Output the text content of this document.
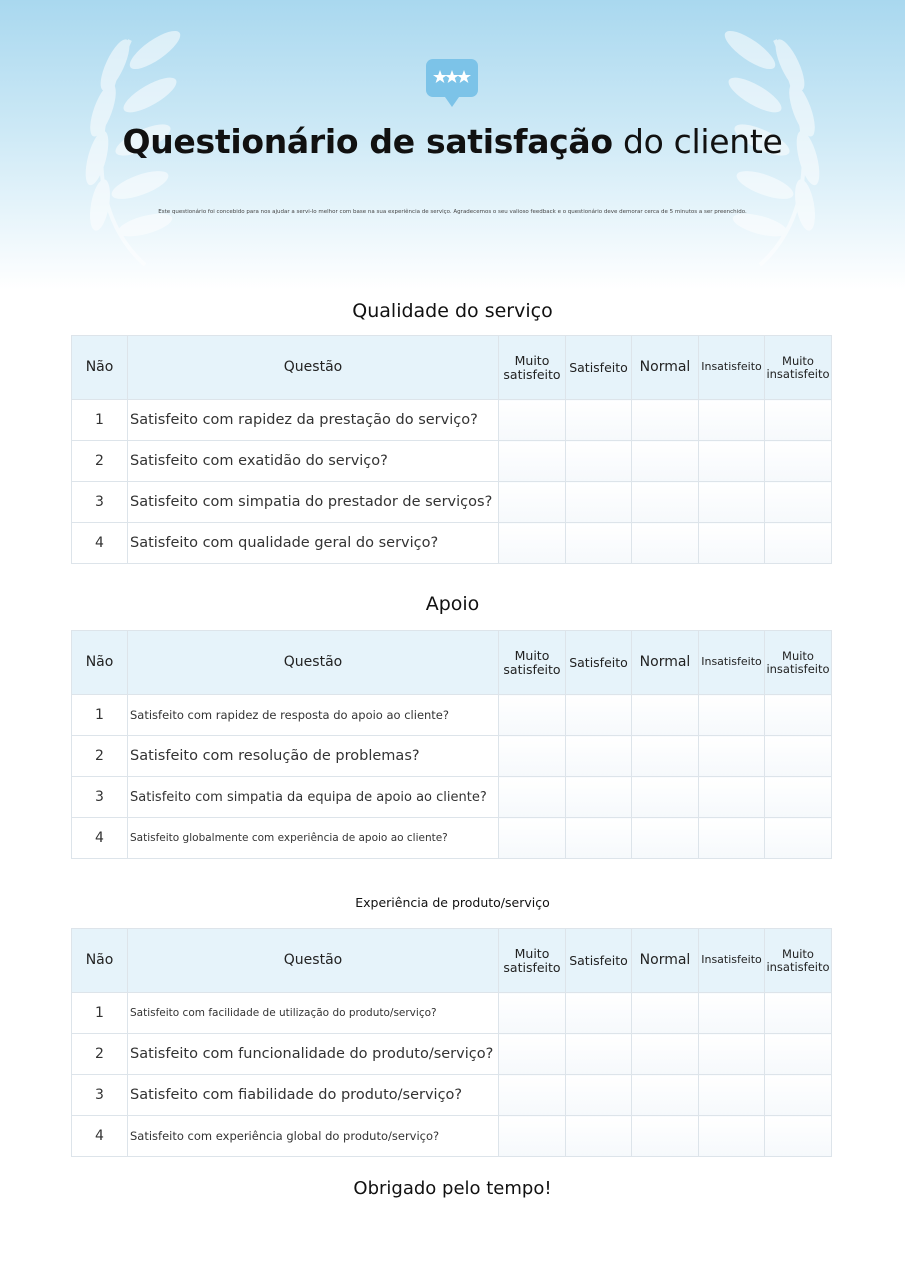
Questionário de satisfação do cliente

Este questionário foi concebido para nos ajudar a servi-lo melhor com base na sua experiência de serviço. Agradecemos o seu valioso feedback e o questionário deve demorar cerca de 5 minutos a ser preenchido.

Qualidade do serviço
Não	Questão	Muito satisfeito	Satisfeito	Normal	Insatisfeito	Muito insatisfeito
1	Satisfeito com rapidez da prestação do serviço?					
2	Satisfeito com exatidão do serviço?					
3	Satisfeito com simpatia do prestador de serviços?					
4	Satisfeito com qualidade geral do serviço?					
Apoio
Não	Questão	Muito satisfeito	Satisfeito	Normal	Insatisfeito	Muito insatisfeito
1	Satisfeito com rapidez de resposta do apoio ao cliente?					
2	Satisfeito com resolução de problemas?					
3	Satisfeito com simpatia da equipa de apoio ao cliente?					
4	Satisfeito globalmente com experiência de apoio ao cliente?					
Experiência de produto/serviço
Não	Questão	Muito satisfeito	Satisfeito	Normal	Insatisfeito	Muito insatisfeito
1	Satisfeito com facilidade de utilização do produto/serviço?					
2	Satisfeito com funcionalidade do produto/serviço?					
3	Satisfeito com fiabilidade do produto/serviço?					
4	Satisfeito com experiência global do produto/serviço?					

Obrigado pelo tempo!
